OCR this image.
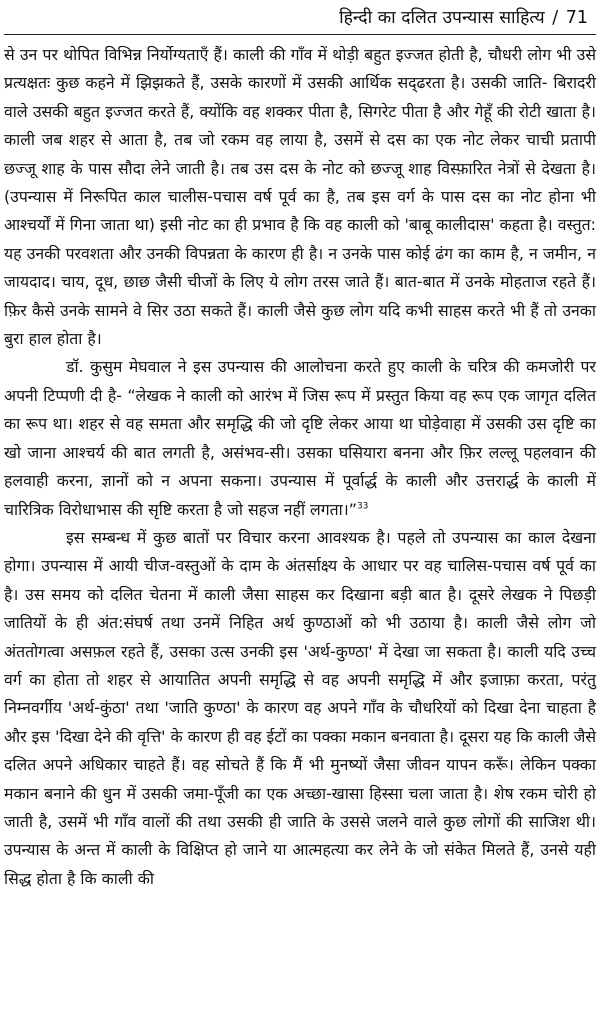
हिन्दी का दलित उपन्यास साहित्य / 71

से उन पर थोपित विभिन्न निर्योग्यताएँ हैं। काली की गाँव में थोड़ी बहुत इज्जत होती है, चौधरी लोग भी उसे प्रत्यक्षतः कुछ कहने में झिझकते हैं, उसके कारणों में उसकी आर्थिक सद्ढरता है। उसकी जाति- बिरादरी वाले उसकी बहुत इज्जत करते हैं, क्योंकि वह शक्कर पीता है, सिगरेट पीता है और गेहूँ की रोटी खाता है। काली जब शहर से आता है, तब जो रकम वह लाया है, उसमें से दस का एक नोट लेकर चाची प्रतापी छज्जू शाह के पास सौदा लेने जाती है। तब उस दस के नोट को छज्जू शाह विस्फ़ारित नेत्रों से देखता है। (उपन्यास में निरूपित काल चालीस-पचास वर्ष पूर्व का है, तब इस वर्ग के पास दस का नोट होना भी आश्चर्यों में गिना जाता था) इसी नोट का ही प्रभाव है कि वह काली को 'बाबू कालीदास' कहता है। वस्तुत: यह उनकी परवशता और उनकी विपन्नता के कारण ही है। न उनके पास कोई ढंग का काम है, न जमीन, न जायदाद। चाय, दूध, छाछ जैसी चीजों के लिए ये लोग तरस जाते हैं। बात-बात में उनके मोहताज रहते हैं। फ़िर कैसे उनके सामने वे सिर उठा सकते हैं। काली जैसे कुछ लोग यदि कभी साहस करते भी हैं तो उनका बुरा हाल होता है।

डॉ. कुसुम मेघवाल ने इस उपन्यास की आलोचना करते हुए काली के चरित्र की कमजोरी पर अपनी टिप्पणी दी है- “लेखक ने काली को आरंभ में जिस रूप में प्रस्तुत किया वह रूप एक जागृत दलित का रूप था। शहर से वह समता और समृद्धि की जो दृष्टि लेकर आया था घोड़ेवाहा में उसकी उस दृष्टि का खो जाना आश्चर्य की बात लगती है, असंभव-सी। उसका घसियारा बनना और फ़िर लल्लू पहलवान की हलवाही करना, ज्ञानों को न अपना सकना। उपन्यास में पूर्वार्द्ध के काली और उत्तरार्द्ध के काली में चारित्रिक विरोधाभास की सृष्टि करता है जो सहज नहीं लगता।”$^{33}$

इस सम्बन्ध में कुछ बातों पर विचार करना आवश्यक है। पहले तो उपन्यास का काल देखना होगा। उपन्यास में आयी चीज-वस्तुओं के दाम के अंतर्साक्ष्य के आधार पर वह चालिस-पचास वर्ष पूर्व का है। उस समय को दलित चेतना में काली जैसा साहस कर दिखाना बड़ी बात है। दूसरे लेखक ने पिछड़ी जातियों के ही अंत:संघर्ष तथा उनमें निहित अर्थ कुण्ठाओं को भी उठाया है। काली जैसे लोग जो अंततोगत्वा असफ़ल रहते हैं, उसका उत्स उनकी इस 'अर्थ-कुण्ठा' में देखा जा सकता है। काली यदि उच्च वर्ग का होता तो शहर से आयातित अपनी समृद्धि से वह अपनी समृद्धि में और इजाफ़ा करता, परंतु निम्नवर्गीय 'अर्थ-कुंठा' तथा 'जाति कुण्ठा' के कारण वह अपने गाँव के चौधरियों को दिखा देना चाहता है और इस 'दिखा देने की वृत्ति' के कारण ही वह ईटों का पक्का मकान बनवाता है। दूसरा यह कि काली जैसे दलित अपने अधिकार चाहते हैं। वह सोचते हैं कि मैं भी मुनष्यों जैसा जीवन यापन करूँ। लेकिन पक्का मकान बनाने की धुन में उसकी जमा-पूँजी का एक अच्छा-खासा हिस्सा चला जाता है। शेष रकम चोरी हो जाती है, उसमें भी गाँव वालों की तथा उसकी ही जाति के उससे जलने वाले कुछ लोगों की साजिश थी। उपन्यास के अन्त में काली के विक्षिप्त हो जाने या आत्महत्या कर लेने के जो संकेत मिलते हैं, उनसे यही सिद्ध होता है कि काली की
